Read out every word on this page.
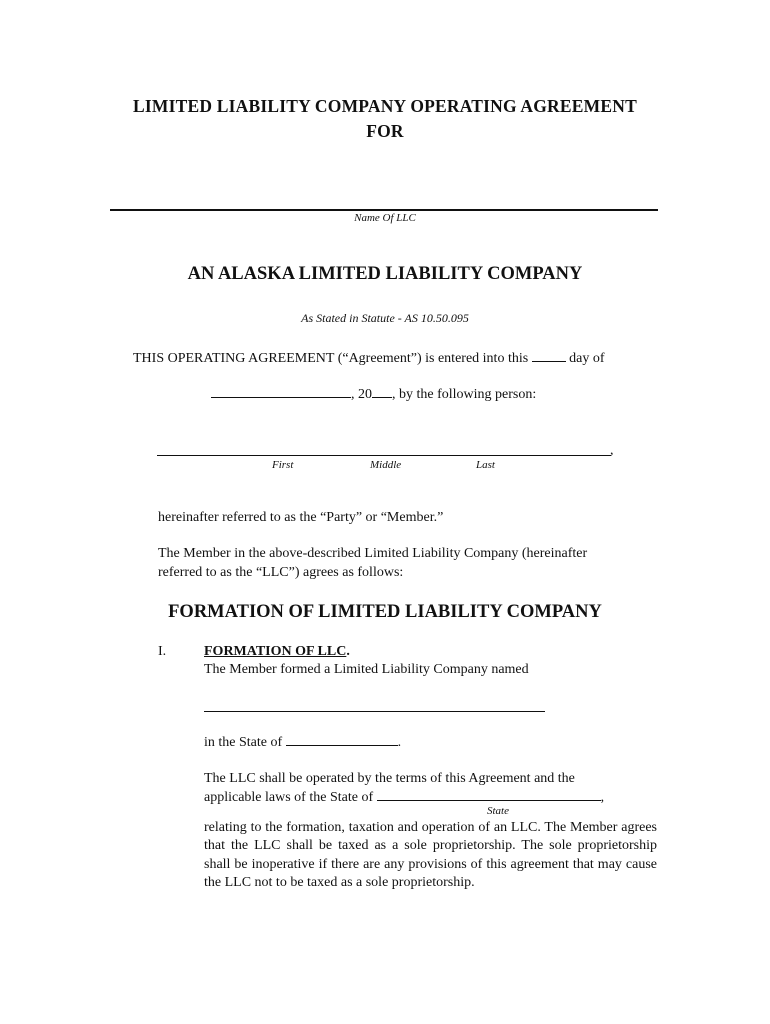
LIMITED LIABILITY COMPANY OPERATING AGREEMENT
FOR
Name Of LLC
AN ALASKA LIMITED LIABILITY COMPANY
As Stated in Statute - AS 10.50.095
THIS OPERATING AGREEMENT (“Agreement”) is entered into this	day of
, 20 , by the following person:
,
First	Middle	Last
hereinafter referred to as the “Party” or “Member.”
The Member in the above-described Limited Liability Company (hereinafter
referred to as the “LLC”) agrees as follows:
FORMATION OF LIMITED LIABILITY COMPANY
I.	FORMATION OF LLC.
The Member formed a Limited Liability Company named
in the State of	.
The LLC shall be operated by the terms of this Agreement and the
applicable laws of the State of	,
State
relating to the formation, taxation and operation of an LLC. The Member agrees that the LLC shall be taxed as a sole proprietorship. The sole proprietorship shall be inoperative if there are any provisions of this agreement that may cause the LLC not to be taxed as a sole proprietorship.
